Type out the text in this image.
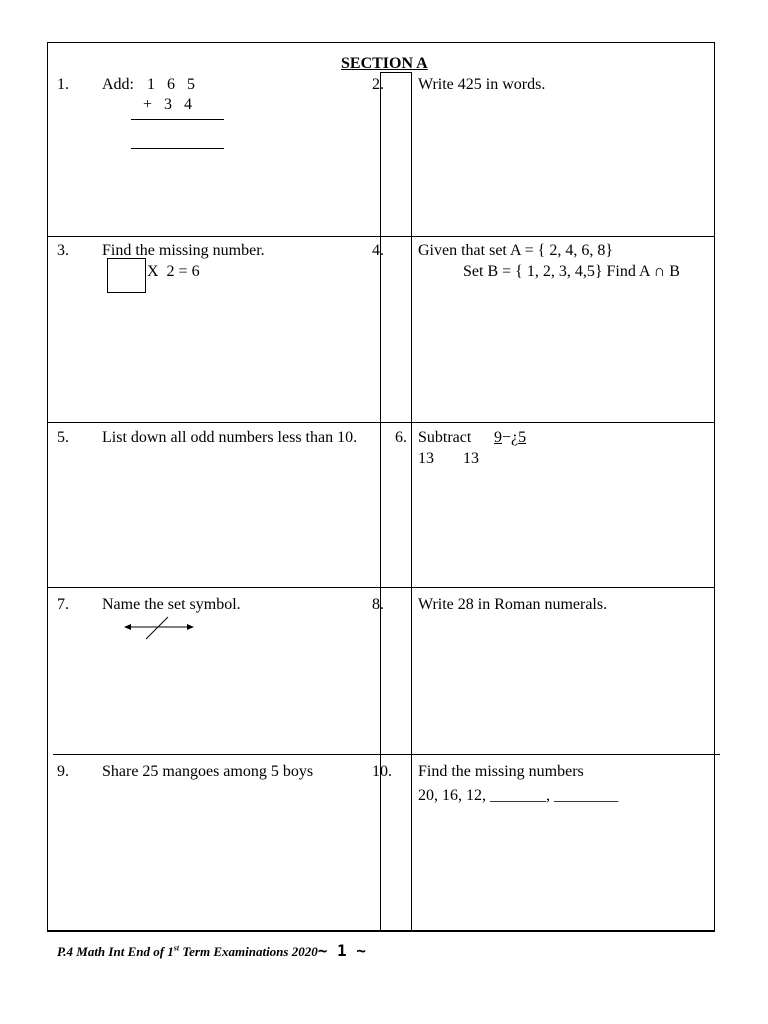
SECTION A
1. Add: 1   6   5
+   3   4
2. Write 425 in words.
3. Find the missing number.
X  2 = 6
4. Given that set A = { 2, 4, 6, 8}
Set B = { 1, 2, 3, 4,5} Find A ∩ B
5. List down all odd numbers less than 10. 6. Subtract 9−¿5
13 13
7. Name the set symbol.	8. Write 28 in Roman numerals.
9. Share 25 mangoes among 5 boys	10. Find the missing numbers
20, 16, 12, _______, ________
P.4 Math Int End of 1st Term Examinations 2020~ 1 ~
